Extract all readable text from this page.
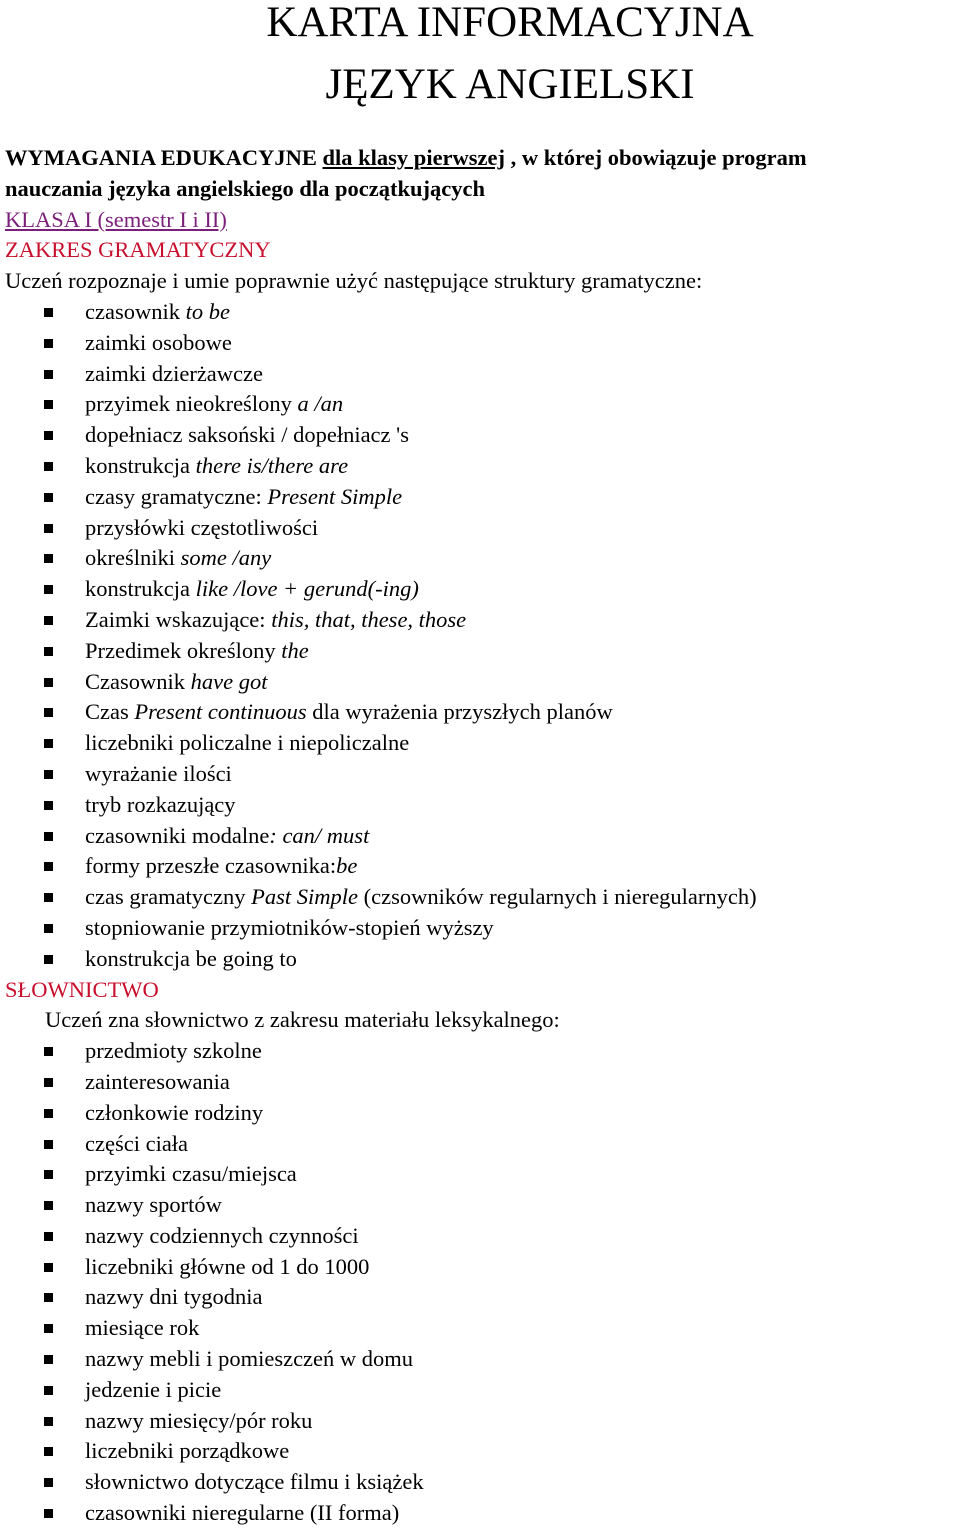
KARTA INFORMACYJNA
JĘZYK ANGIELSKI
WYMAGANIA EDUKACYJNE dla klasy pierwszej , w której obowiązuje program
nauczania języka angielskiego dla początkujących
KLASA I (semestr I i II)
ZAKRES GRAMATYCZNY
Uczeń rozpoznaje i umie poprawnie użyć następujące struktury gramatyczne:
czasownik to be
zaimki osobowe
zaimki dzierżawcze
przyimek nieokreślony a /an
dopełniacz saksoński / dopełniacz 's
konstrukcja there is/there are
czasy gramatyczne: Present Simple
przysłówki częstotliwości
określniki some /any
konstrukcja like /love + gerund(-ing)
Zaimki wskazujące: this, that, these, those
Przedimek określony the
Czasownik have got
Czas Present continuous dla wyrażenia przyszłych planów
liczebniki policzalne i niepoliczalne
wyrażanie ilości
tryb rozkazujący
czasowniki modalne: can/ must
formy przeszłe czasownika:be
czas gramatyczny Past Simple (czsowników regularnych i nieregularnych)
stopniowanie przymiotników-stopień wyższy
konstrukcja be going to
SŁOWNICTWO
Uczeń zna słownictwo z zakresu materiału leksykalnego:
przedmioty szkolne
zainteresowania
członkowie rodziny
części ciała
przyimki czasu/miejsca
nazwy sportów
nazwy codziennych czynności
liczebniki główne od 1 do 1000
nazwy dni tygodnia
miesiące rok
nazwy mebli i pomieszczeń w domu
jedzenie i picie
nazwy miesięcy/pór roku
liczebniki porządkowe
słownictwo dotyczące filmu i książek
czasowniki nieregularne (II forma)
